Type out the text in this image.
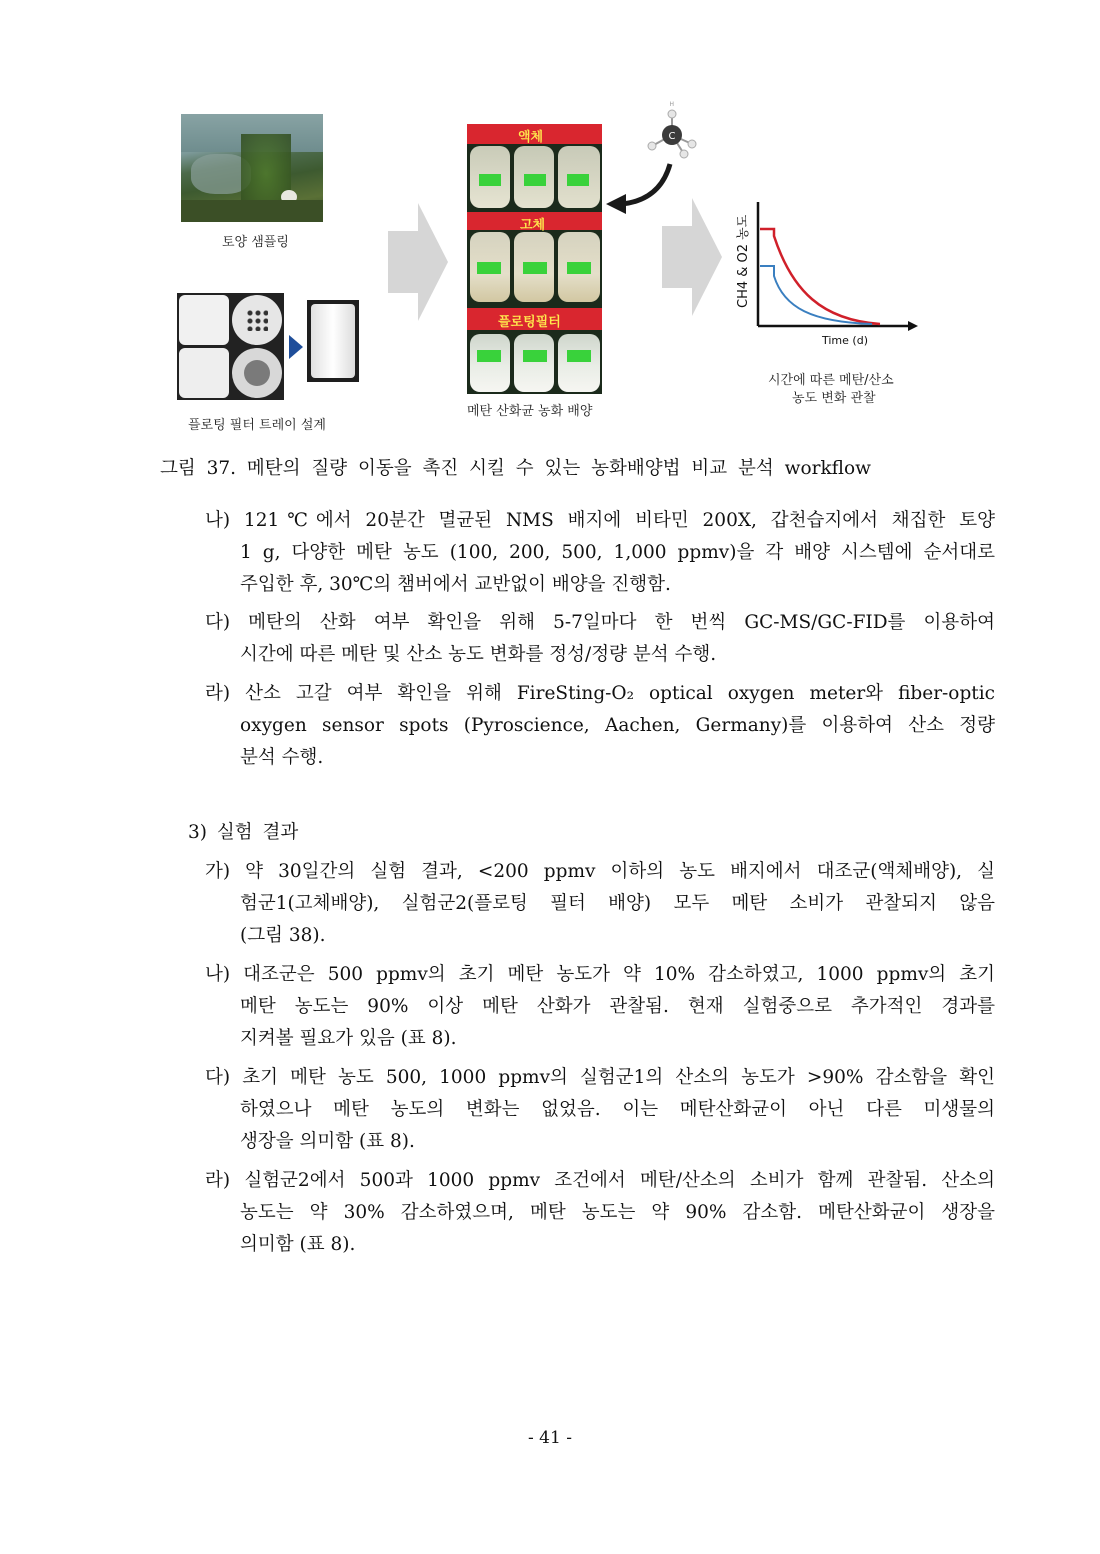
토양 샘플링
플로팅 필터 트레이 설계
액체
고체
플로팅필터
메탄 산화균 농화 배양
C
H
CH4 & O2 농도
Time (d)
시간에 따른 메탄/산소
농도 변화 관찰
그림 37. 메탄의 질량 이동을 촉진 시킬 수 있는 농화배양법 비교 분석 workflow
나) 121℃에서 20분간 멸균된 NMS 배지에 비타민 200X, 갑천습지에서 채집한 토양
1 g, 다양한 메탄 농도 (100, 200, 500, 1,000 ppmv)을 각 배양 시스템에 순서대로
주입한 후, 30℃의 챔버에서 교반없이 배양을 진행함.
다) 메탄의 산화 여부 확인을 위해 5-7일마다 한 번씩 GC-MS/GC-FID를 이용하여
시간에 따른 메탄 및 산소 농도 변화를 정성/정량 분석 수행.
라) 산소 고갈 여부 확인을 위해 FireSting-O₂ optical oxygen meter와 fiber-optic
oxygen sensor spots (Pyroscience, Aachen, Germany)를 이용하여 산소 정량
분석 수행.
3) 실험 결과
가) 약 30일간의 실험 결과, <200 ppmv 이하의 농도 배지에서 대조군(액체배양), 실
험군1(고체배양), 실험군2(플로팅 필터 배양) 모두 메탄 소비가 관찰되지 않음
(그림 38).
나) 대조군은 500 ppmv의 초기 메탄 농도가 약 10% 감소하였고, 1000 ppmv의 초기
메탄 농도는 90% 이상 메탄 산화가 관찰됨. 현재 실험중으로 추가적인 경과를
지켜볼 필요가 있음 (표 8).
다) 초기 메탄 농도 500, 1000 ppmv의 실험군1의 산소의 농도가 >90% 감소함을 확인
하였으나 메탄 농도의 변화는 없었음. 이는 메탄산화균이 아닌 다른 미생물의
생장을 의미함 (표 8).
라) 실험군2에서 500과 1000 ppmv 조건에서 메탄/산소의 소비가 함께 관찰됨. 산소의
농도는 약 30% 감소하였으며, 메탄 농도는 약 90% 감소함. 메탄산화균이 생장을
의미함 (표 8).
- 41 -
